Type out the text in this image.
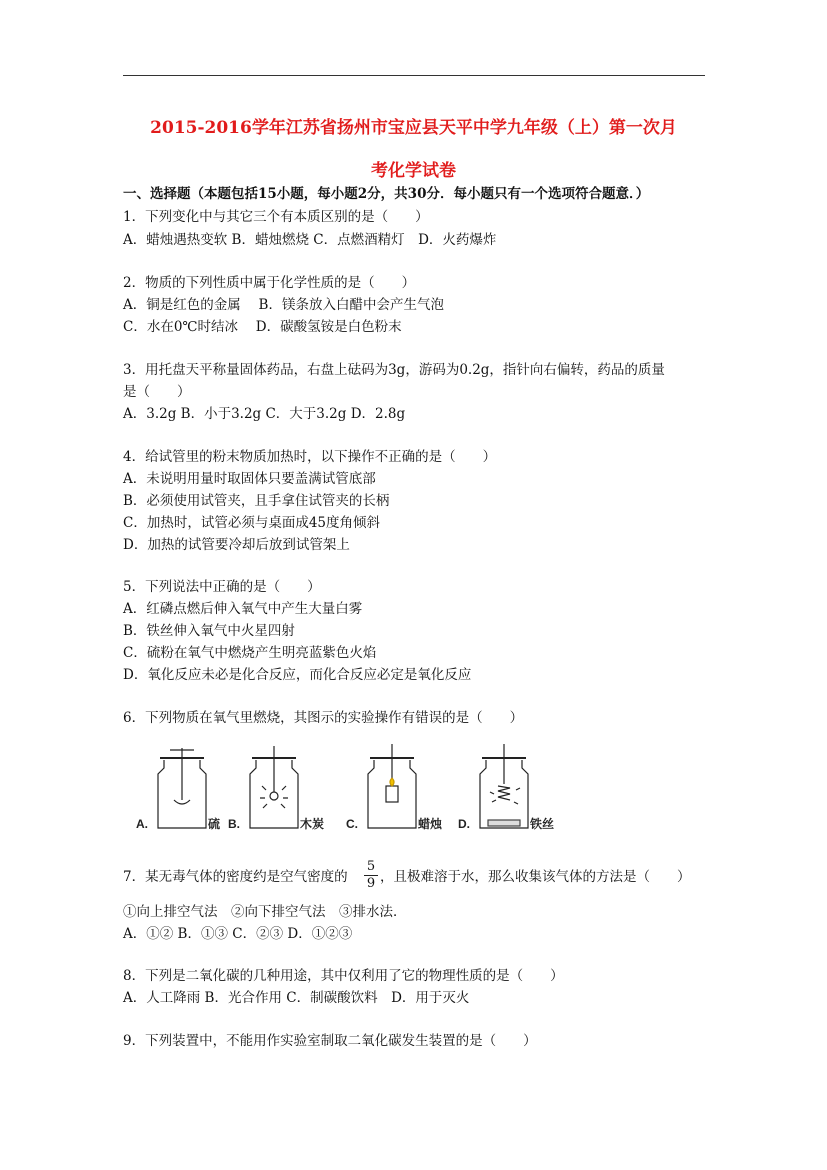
2015-2016学年江苏省扬州市宝应县天平中学九年级（上）第一次月
考化学试卷
一、选择题（本题包括15小题，每小题2分，共30分．每小题只有一个选项符合题意．）
1．下列变化中与其它三个有本质区别的是（　　）
A．蜡烛遇热变软 B．蜡烛燃烧 C．点燃酒精灯　D．火药爆炸
2．物质的下列性质中属于化学性质的是（　　）
A．铜是红色的金属　 B．镁条放入白醋中会产生气泡
C．水在0℃时结冰　 D．碳酸氢铵是白色粉末
3．用托盘天平称量固体药品，右盘上砝码为3g，游码为0.2g，指针向右偏转，药品的质量
是（　　）
A．3.2g B．小于3.2g C．大于3.2g D．2.8g
4．给试管里的粉末物质加热时，以下操作不正确的是（　　）
A．未说明用量时取固体只要盖满试管底部
B．必须使用试管夹，且手拿住试管夹的长柄
C．加热时，试管必须与桌面成45度角倾斜
D．加热的试管要冷却后放到试管架上
5．下列说法中正确的是（　　）
A．红磷点燃后伸入氧气中产生大量白雾
B．铁丝伸入氧气中火星四射
C．硫粉在氧气中燃烧产生明亮蓝紫色火焰
D．氧化反应未必是化合反应，而化合反应必定是氧化反应
6．下列物质在氧气里燃烧，其图示的实验操作有错误的是（　　）
A.	B.	C.	D.
硫	木炭	蜡烛	铁丝
7．某无毒气体的密度约是空气密度的
5
9 ，且极难溶于水，那么收集该气体的方法是（　　）
①向上排空气法　②向下排空气法　③排水法．
A．①② B．①③ C．②③ D．①②③
8．下列是二氧化碳的几种用途，其中仅利用了它的物理性质的是（　　）
A．人工降雨 B．光合作用 C．制碳酸饮料　D．用于灭火
9．下列装置中，不能用作实验室制取二氧化碳发生装置的是（　　）
